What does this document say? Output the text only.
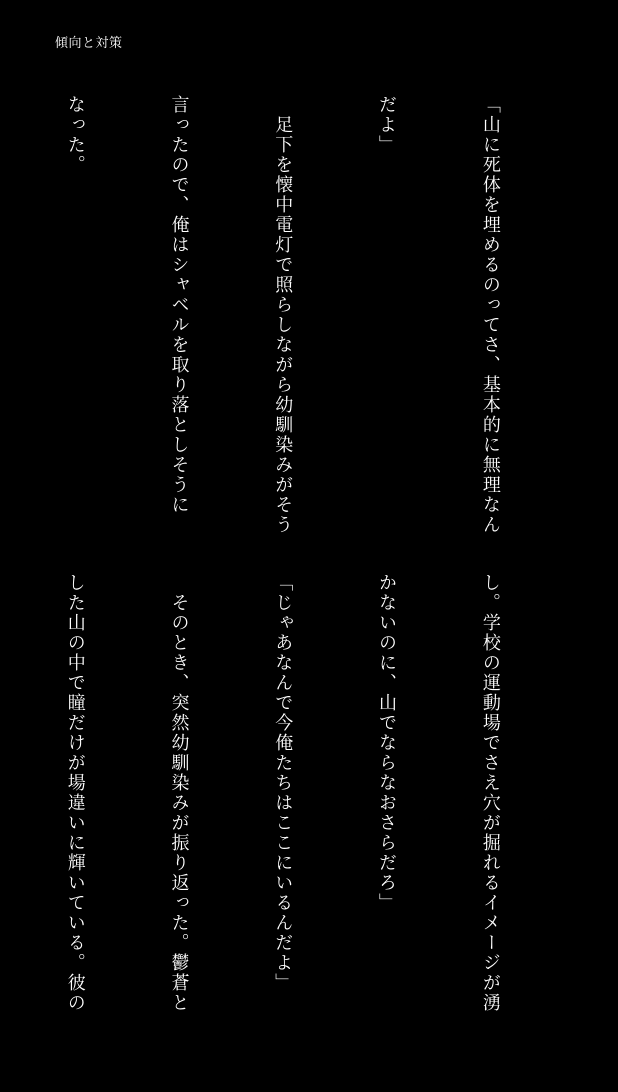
傾向と対策

「山に死体を埋めるのってさ、基本的に無理なん

だよ」

　足下を懐中電灯で照らしながら幼馴染みがそう

言ったので、俺はシャベルを取り落としそうに

なった。

し。学校の運動場でさえ穴が掘れるイメージが湧

かないのに、山でならなおさらだろ」

「じゃあなんで今俺たちはここにいるんだよ」

　そのとき、突然幼馴染みが振り返った。鬱蒼と

した山の中で瞳だけが場違いに輝いている。彼の
